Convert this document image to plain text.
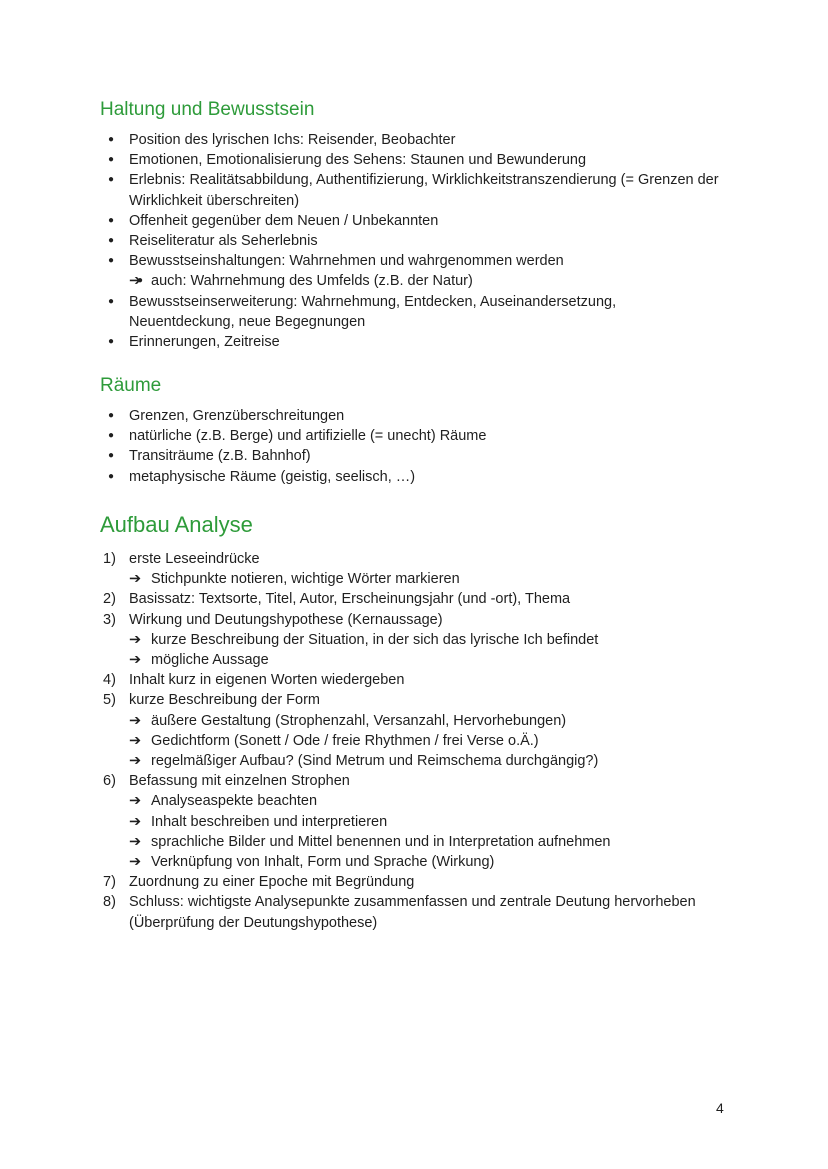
Haltung und Bewusstsein
● Position des lyrischen Ichs: Reisender, Beobachter
● Emotionen, Emotionalisierung des Sehens: Staunen und Bewunderung
● Erlebnis: Realitätsabbildung, Authentifizierung, Wirklichkeitstranszendierung (= Grenzen der Wirklichkeit überschreiten)
● Offenheit gegenüber dem Neuen / Unbekannten
● Reiseliteratur als Seherlebnis
● Bewusstseinshaltungen: Wahrnehmen und wahrgenommen werden
● ➔ auch: Wahrnehmung des Umfelds (z.B. der Natur)
● Bewusstseinserweiterung: Wahrnehmung, Entdecken, Auseinandersetzung, Neuentdeckung, neue Begegnungen
● Erinnerungen, Zeitreise
Räume
● Grenzen, Grenzüberschreitungen
● natürliche (z.B. Berge) und artifizielle (= unecht) Räume
● Transiträume (z.B. Bahnhof)
● metaphysische Räume (geistig, seelisch, …)
Aufbau Analyse
1) erste Leseeindrücke
➔ Stichpunkte notieren, wichtige Wörter markieren
2) Basissatz: Textsorte, Titel, Autor, Erscheinungsjahr (und -ort), Thema
3) Wirkung und Deutungshypothese (Kernaussage)
➔ kurze Beschreibung der Situation, in der sich das lyrische Ich befindet
➔ mögliche Aussage
4) Inhalt kurz in eigenen Worten wiedergeben
5) kurze Beschreibung der Form
➔ äußere Gestaltung (Strophenzahl, Versanzahl, Hervorhebungen)
➔ Gedichtform (Sonett / Ode / freie Rhythmen / frei Verse o.Ä.)
➔ regelmäßiger Aufbau? (Sind Metrum und Reimschema durchgängig?)
6) Befassung mit einzelnen Strophen
➔ Analyseaspekte beachten
➔ Inhalt beschreiben und interpretieren
➔ sprachliche Bilder und Mittel benennen und in Interpretation aufnehmen
➔ Verknüpfung von Inhalt, Form und Sprache (Wirkung)
7) Zuordnung zu einer Epoche mit Begründung
8) Schluss: wichtigste Analysepunkte zusammenfassen und zentrale Deutung hervorheben (Überprüfung der Deutungshypothese)
4
